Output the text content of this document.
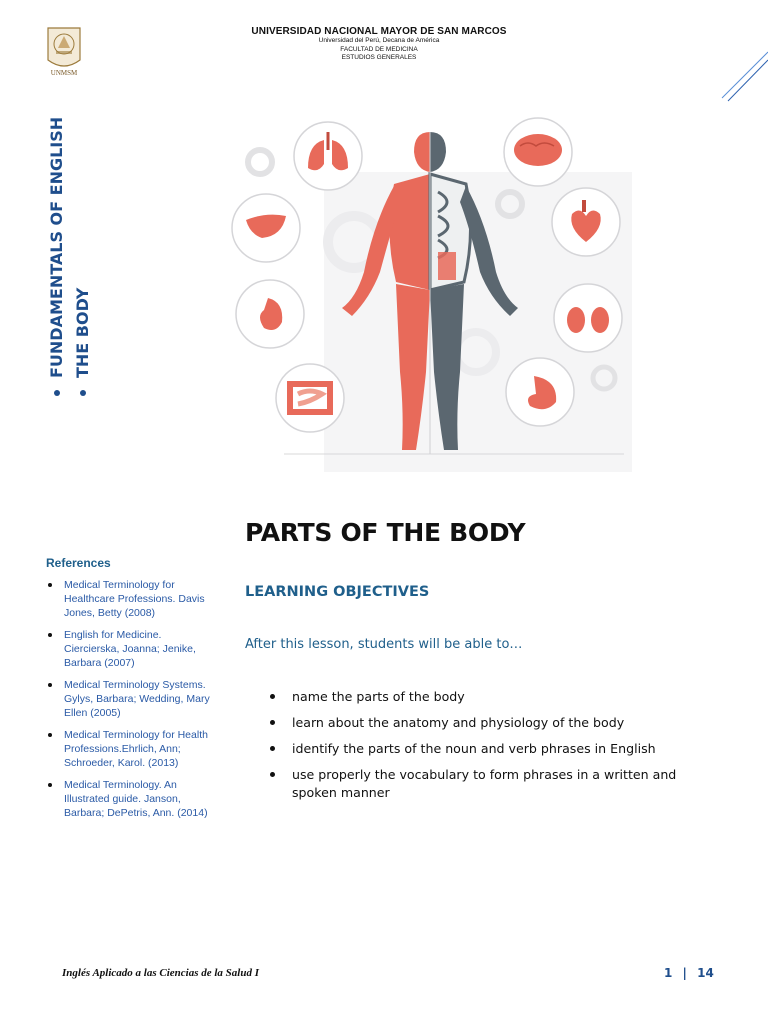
UNMSM
UNIVERSIDAD NACIONAL MAYOR DE SAN MARCOS
Universidad del Perú, Decana de América
FACULTAD DE MEDICINA
ESTUDIOS GENERALES
FUNDAMENTALS OF ENGLISH THE BODY
PARTS OF THE BODY
LEARNING OBJECTIVES
After this lesson, students will be able to…
name the parts of the body
learn about the anatomy and physiology of the body
identify the parts of the noun and verb phrases in English
use properly the vocabulary to form phrases in a written and spoken manner
References
Medical Terminology for Healthcare Professions. Davis Jones, Betty (2008)
English for Medicine. Ciercierska, Joanna; Jenike, Barbara (2007)
Medical Terminology Systems. Gylys, Barbara; Wedding, Mary Ellen (2005)
Medical Terminology for Health Professions.Ehrlich, Ann; Schroeder, Karol. (2013)
Medical Terminology. An Illustrated guide. Janson, Barbara; DePetris, Ann. (2014)
Inglés Aplicado a las Ciencias de la Salud I	1 | 14
